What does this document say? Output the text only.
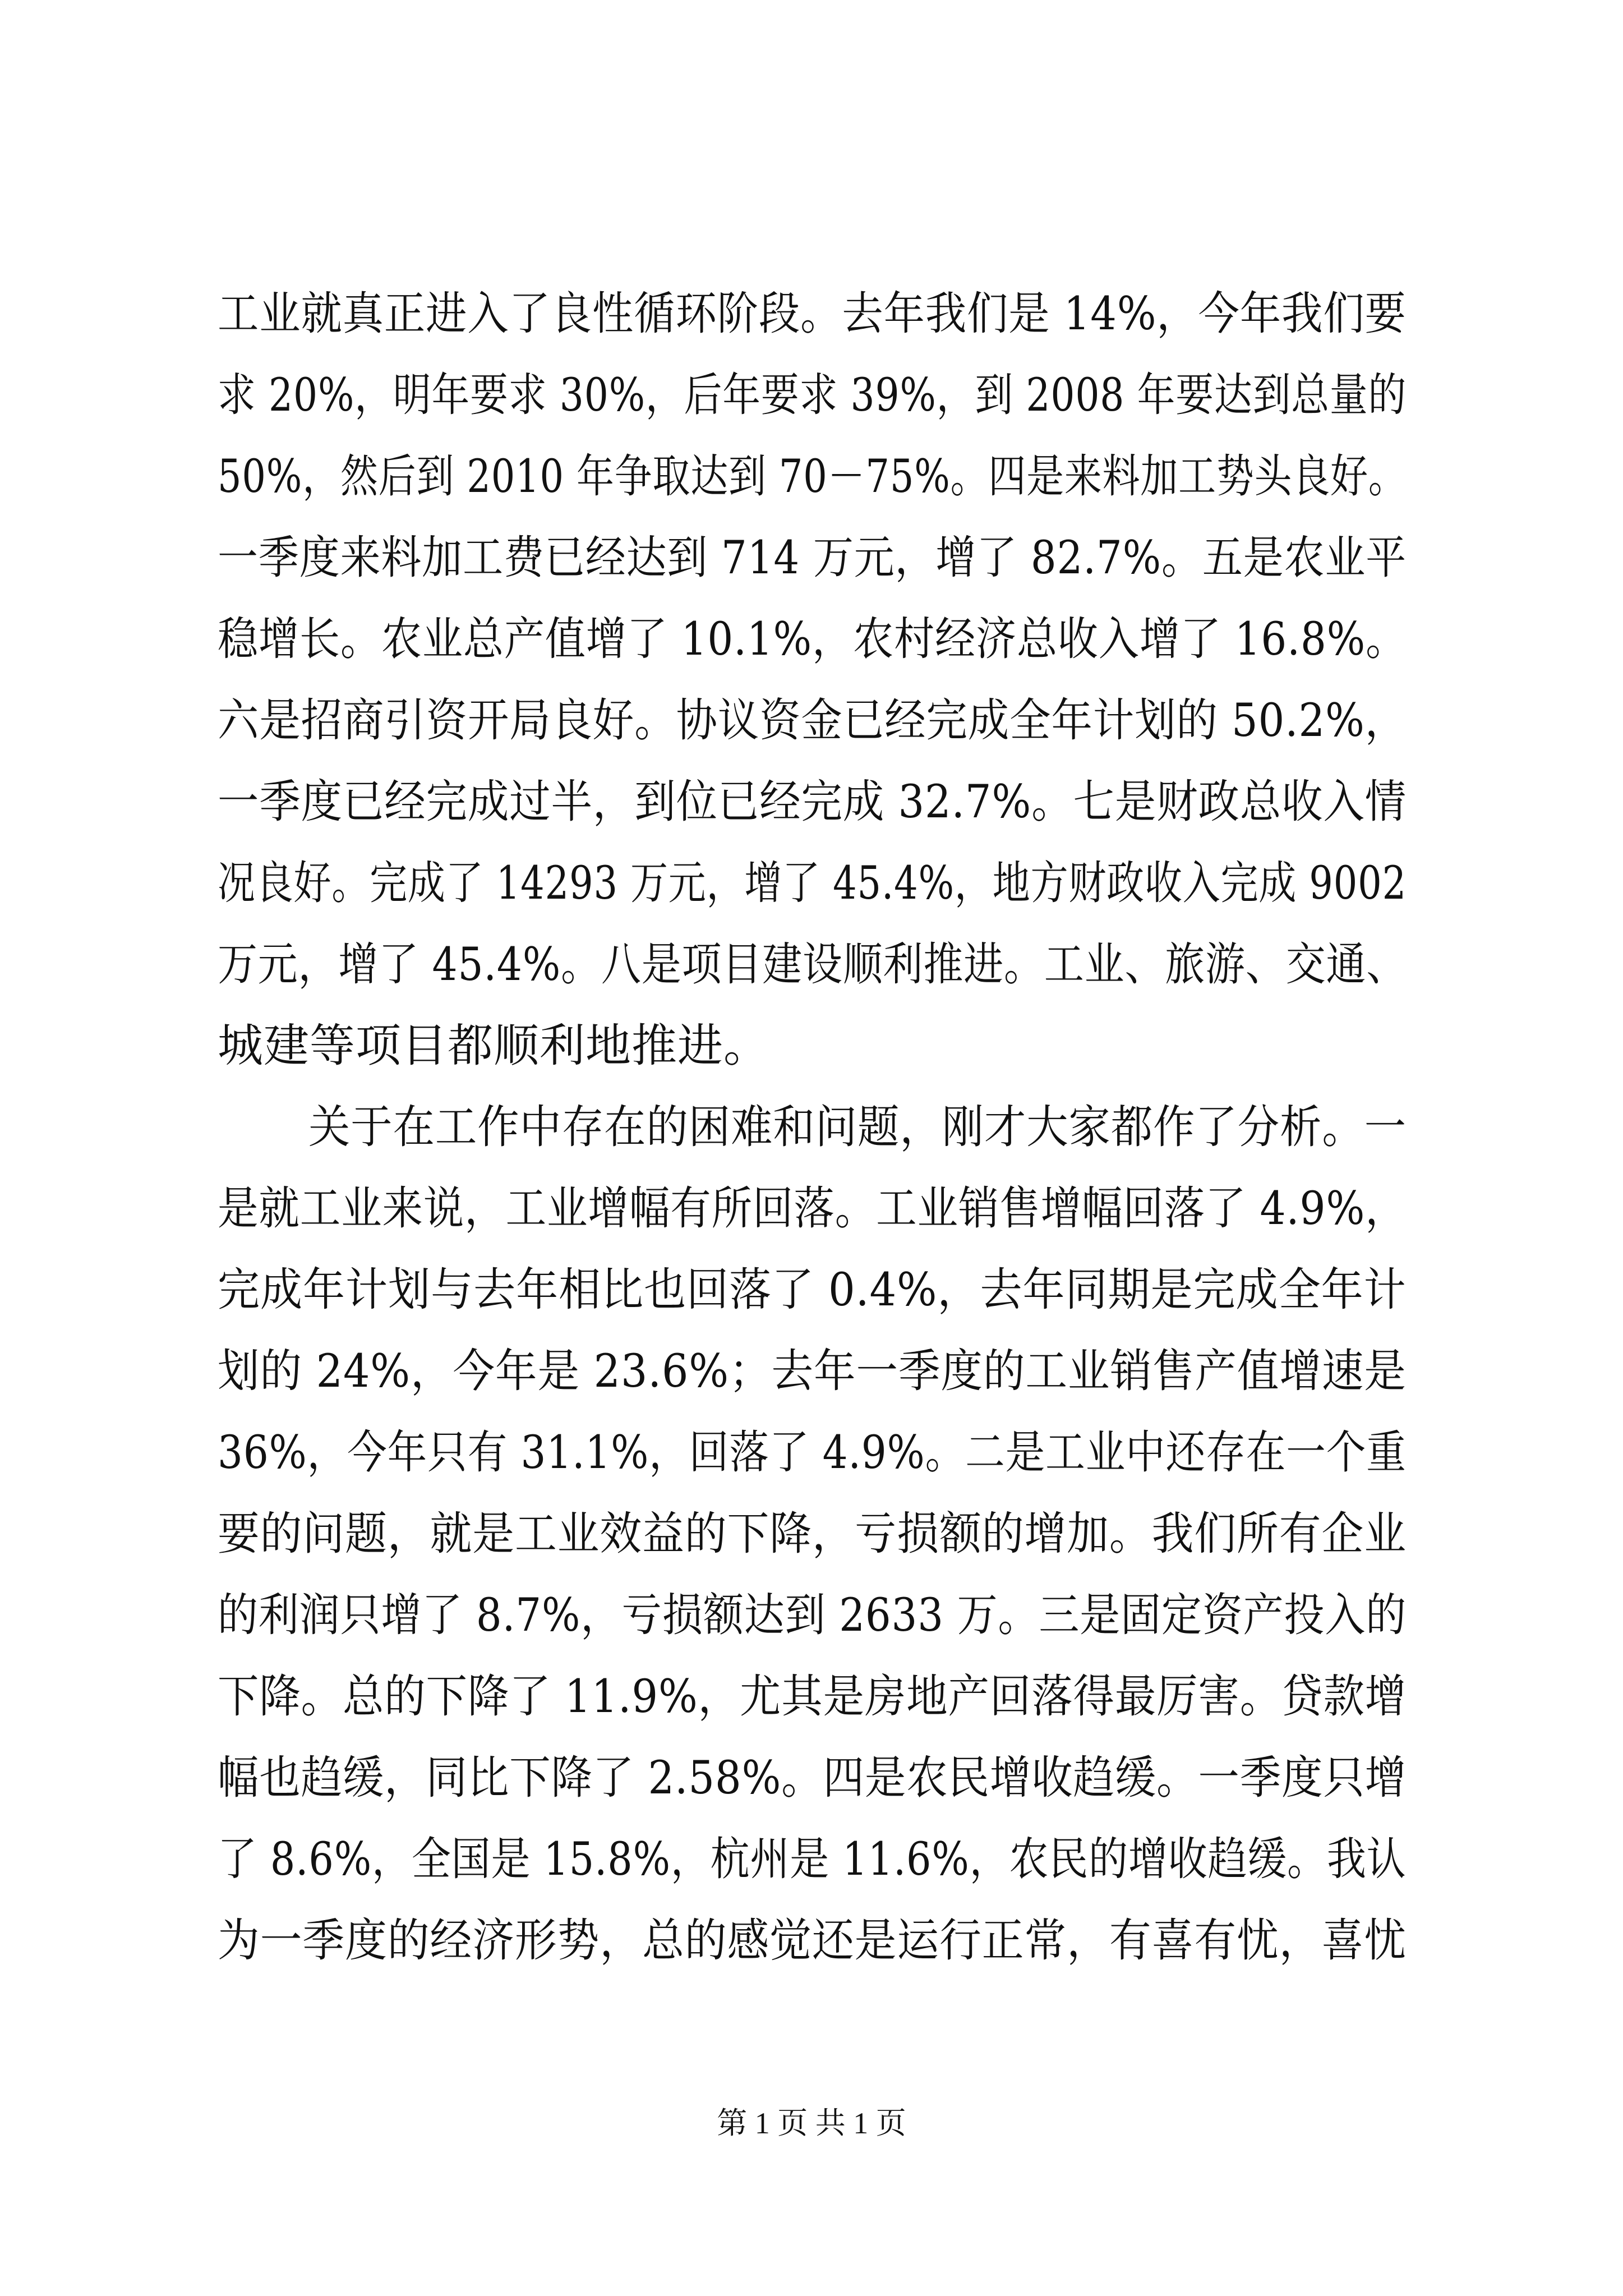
工业就真正进入了良性循环阶段。去年我们是 14%，今年我们要
求 20%，明年要求 30%，后年要求 39%，到 2008 年要达到总量的
50%，然后到 2010 年争取达到 70－75%。四是来料加工势头良好。
一季度来料加工费已经达到 714 万元，增了 82.7%。五是农业平
稳增长。农业总产值增了 10.1%，农村经济总收入增了 16.8%。
六是招商引资开局良好。协议资金已经完成全年计划的 50.2%，
一季度已经完成过半，到位已经完成 32.7%。七是财政总收入情
况良好。完成了 14293 万元，增了 45.4%，地方财政收入完成 9002
万元，增了 45.4%。八是项目建设顺利推进。工业、旅游、交通、
城建等项目都顺利地推进。
关于在工作中存在的困难和问题，刚才大家都作了分析。一
是就工业来说，工业增幅有所回落。工业销售增幅回落了 4.9%，
完成年计划与去年相比也回落了 0.4%，去年同期是完成全年计
划的 24%，今年是 23.6%；去年一季度的工业销售产值增速是
36%，今年只有 31.1%，回落了 4.9%。二是工业中还存在一个重
要的问题，就是工业效益的下降，亏损额的增加。我们所有企业
的利润只增了 8.7%，亏损额达到 2633 万。三是固定资产投入的
下降。总的下降了 11.9%，尤其是房地产回落得最厉害。贷款增
幅也趋缓，同比下降了 2.58%。四是农民增收趋缓。一季度只增
了 8.6%，全国是 15.8%，杭州是 11.6%，农民的增收趋缓。我认
为一季度的经济形势，总的感觉还是运行正常，有喜有忧，喜忧
第 1 页 共 1 页
